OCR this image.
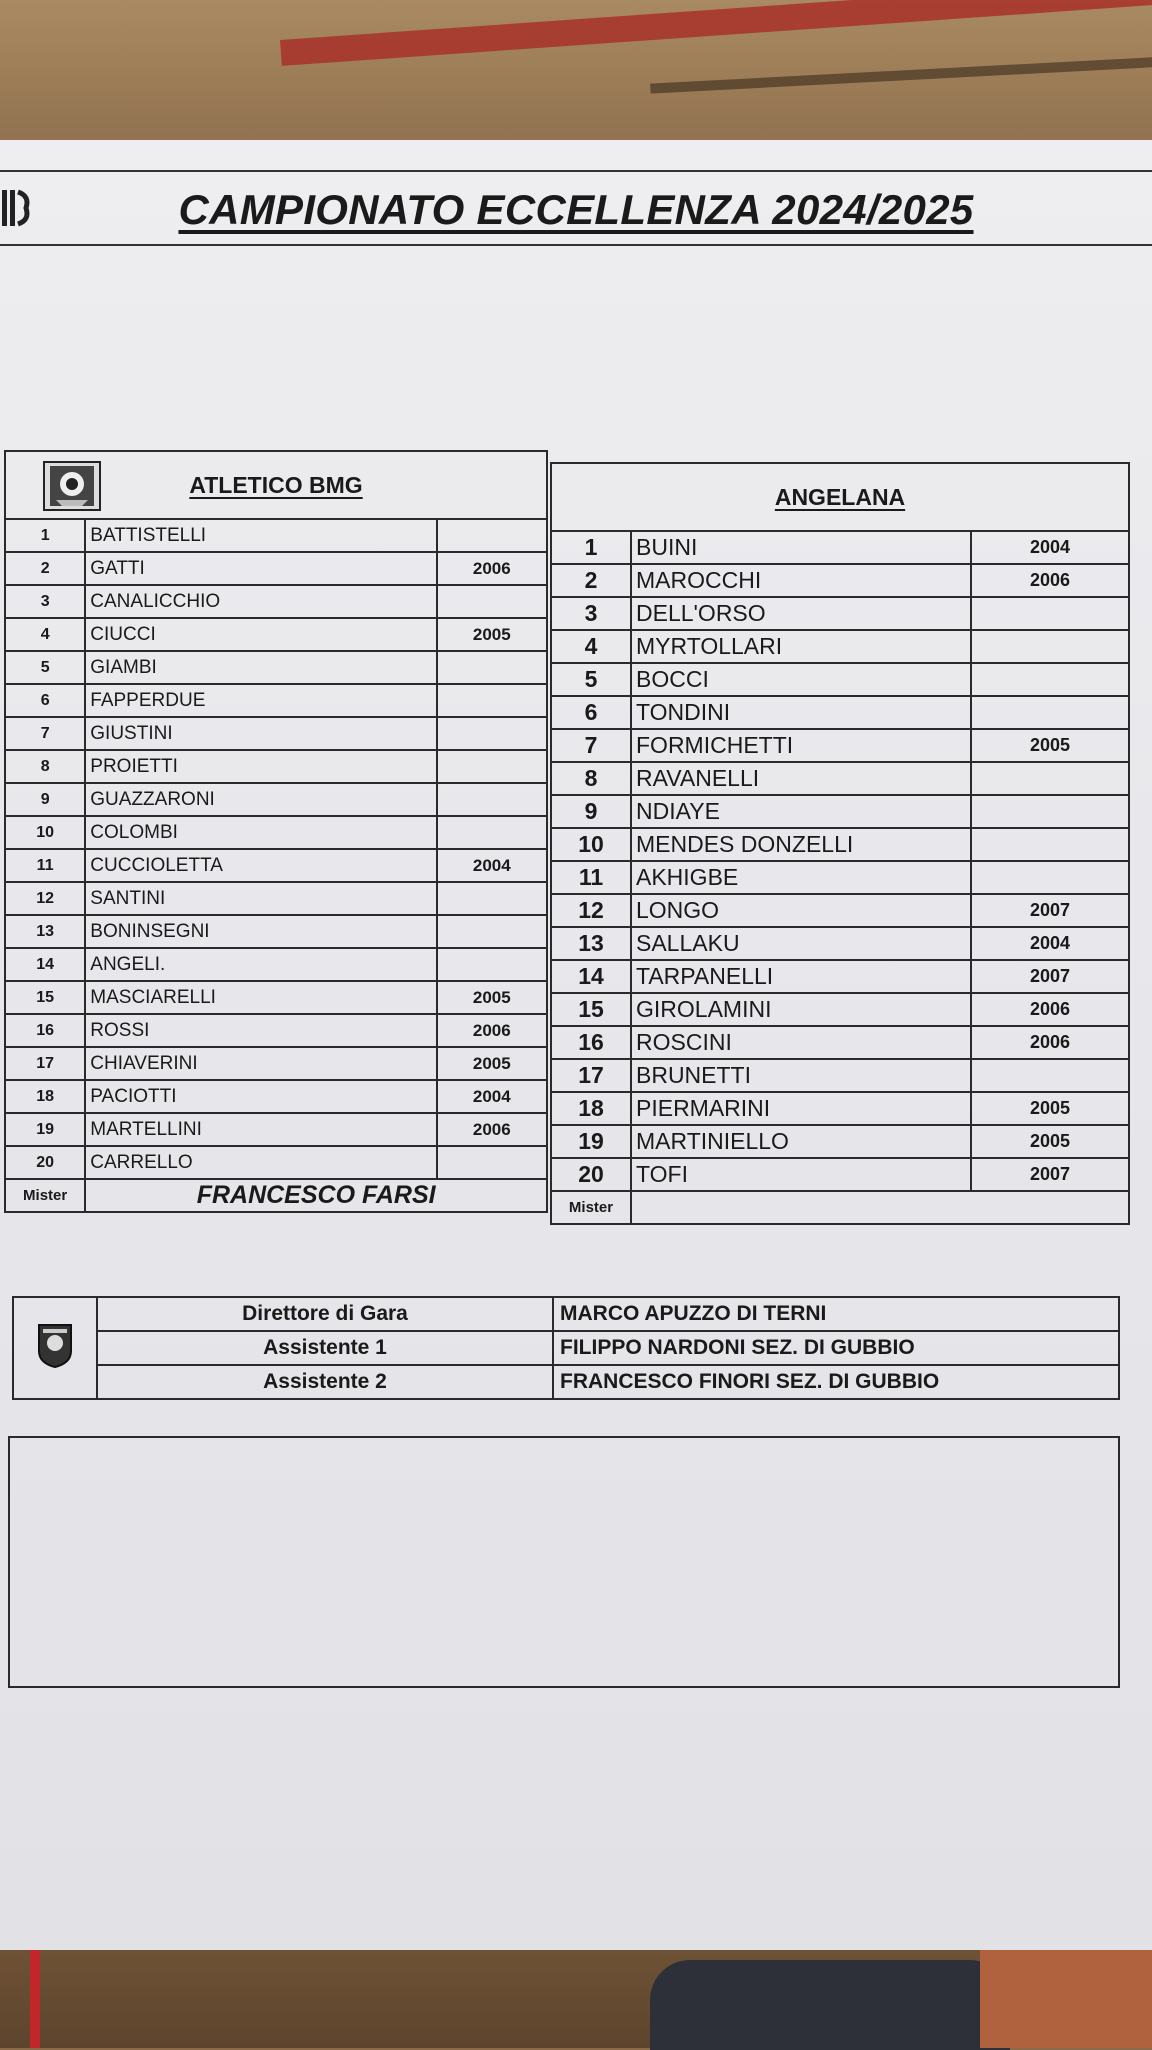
CAMPIONATO ECCELLENZA 2024/2025
ATLETICO BMG		

1	BATTISTELLI	
2	GATTI	2006
3	CANALICCHIO	
4	CIUCCI	2005
5	GIAMBI	
6	FAPPERDUE	
7	GIUSTINI	
8	PROIETTI	
9	GUAZZARONI	
10	COLOMBI	
11	CUCCIOLETTA	2004
12	SANTINI	
13	BONINSEGNI	
14	ANGELI.	
15	MASCIARELLI	2005
16	ROSSI	2006
17	CHIAVERINI	2005
18	PACIOTTI	2004
19	MARTELLINI	2006
20	CARRELLO	
Mister	FRANCESCO FARSI	
ANGELANA		

1	BUINI	2004
2	MAROCCHI	2006
3	DELL'ORSO	
4	MYRTOLLARI	
5	BOCCI	
6	TONDINI	
7	FORMICHETTI	2005
8	RAVANELLI	
9	NDIAYE	
10	MENDES DONZELLI	
11	AKHIGBE	
12	LONGO	2007
13	SALLAKU	2004
14	TARPANELLI	2007
15	GIROLAMINI	2006
16	ROSCINI	2006
17	BRUNETTI	
18	PIERMARINI	2005
19	MARTINIELLO	2005
20	TOFI	2007
Mister		
	Direttore di Gara	MARCO APUZZO DI TERNI
	Assistente 1	FILIPPO NARDONI SEZ. DI GUBBIO
	Assistente 2	FRANCESCO FINORI SEZ. DI GUBBIO
